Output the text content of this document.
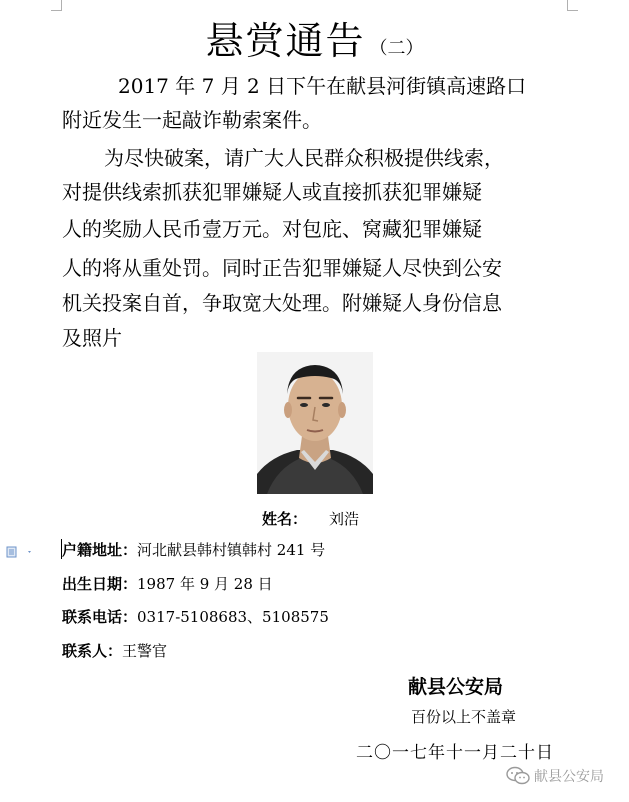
悬赏通告 （二）
2017 年 7 月 2 日下午在献县河街镇高速路口
附近发生一起敲诈勒索案件。
为尽快破案，请广大人民群众积极提供线索，
对提供线索抓获犯罪嫌疑人或直接抓获犯罪嫌疑
人的奖励人民币壹万元。对包庇、窝藏犯罪嫌疑
人的将从重处罚。同时正告犯罪嫌疑人尽快到公安
机关投案自首，争取宽大处理。附嫌疑人身份信息
及照片
姓名： 刘浩
户籍地址：河北献县韩村镇韩村 241 号
出生日期：1987 年 9 月 28 日
联系电话：0317-5108683、5108575
联系人：王警官
献县公安局
百份以上不盖章
二〇一七年十一月二十日
献县公安局
